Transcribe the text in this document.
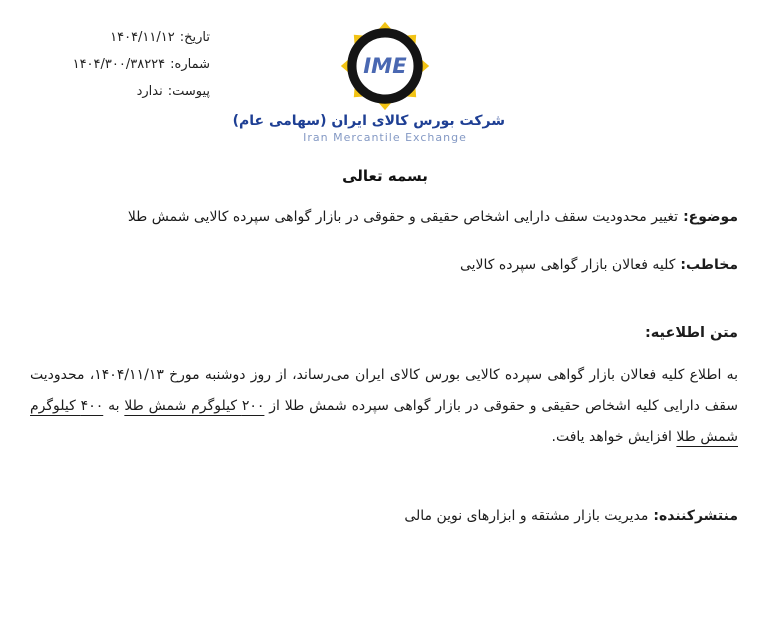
تاریخ:۱۴۰۴/۱۱/۱۲
شماره:۱۴۰۴/۳۰۰/۳۸۲۲۴
پیوست:ندارد
IME
شرکت بورس کالای ایران (سهامی عام)
Iran Mercantile Exchange
بسمه تعالی
موضوع:تغییر محدودیت سقف دارایی اشخاص حقیقی و حقوقی در بازار گواهی سپرده کالایی شمش طلا
مخاطب:کلیه فعالان بازار گواهی سپرده کالایی
متن اطلاعیه:
به اطلاع کلیه فعالان بازار گواهی سپرده کالایی بورس کالای ایران می‌رساند، از روز دوشنبه مورخ ۱۴۰۴/۱۱/۱۳، محدودیت سقف دارایی کلیه اشخاص حقیقی و حقوقی در بازار گواهی سپرده شمش طلا از ۲۰۰ کیلوگرم شمش طلا به ۴۰۰ کیلوگرم شمش طلا افزایش خواهد یافت.
منتشرکننده:مدیریت بازار مشتقه و ابزارهای نوین مالی
